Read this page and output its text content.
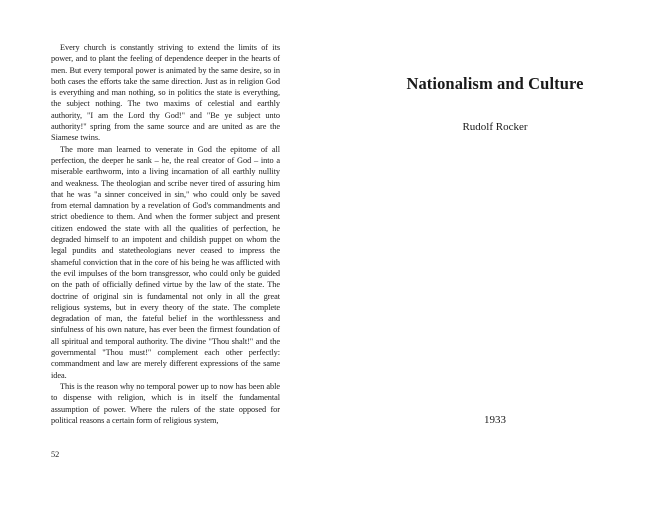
Every church is constantly striving to extend the limits of its power, and to plant the feeling of dependence deeper in the hearts of men. But every temporal power is animated by the same desire, so in both cases the efforts take the same direction. Just as in religion God is everything and man nothing, so in politics the state is everything, the subject nothing. The two maxims of celestial and earthly authority, "I am the Lord thy God!" and "Be ye subject unto authority!" spring from the same source and are united as are the Siamese twins.

The more man learned to venerate in God the epitome of all perfection, the deeper he sank – he, the real creator of God – into a miserable earthworm, into a living incarnation of all earthly nullity and weakness. The theologian and scribe never tired of assuring him that he was "a sinner conceived in sin," who could only be saved from eternal damnation by a revelation of God's commandments and strict obedience to them. And when the former subject and present citizen endowed the state with all the qualities of perfection, he degraded himself to an impotent and childish puppet on whom the legal pundits and statetheologians never ceased to impress the shameful conviction that in the core of his being he was afflicted with the evil impulses of the born transgressor, who could only be guided on the path of officially defined virtue by the law of the state. The doctrine of original sin is fundamental not only in all the great religious systems, but in every theory of the state. The complete degradation of man, the fateful belief in the worthlessness and sinfulness of his own nature, has ever been the firmest foundation of all spiritual and temporal authority. The divine "Thou shalt!" and the governmental "Thou must!" complement each other perfectly: commandment and law are merely different expressions of the same idea.

This is the reason why no temporal power up to now has been able to dispense with religion, which is in itself the fundamental assumption of power. Where the rulers of the state opposed for political reasons a certain form of religious system,

52
Nationalism and Culture
Rudolf Rocker
1933
